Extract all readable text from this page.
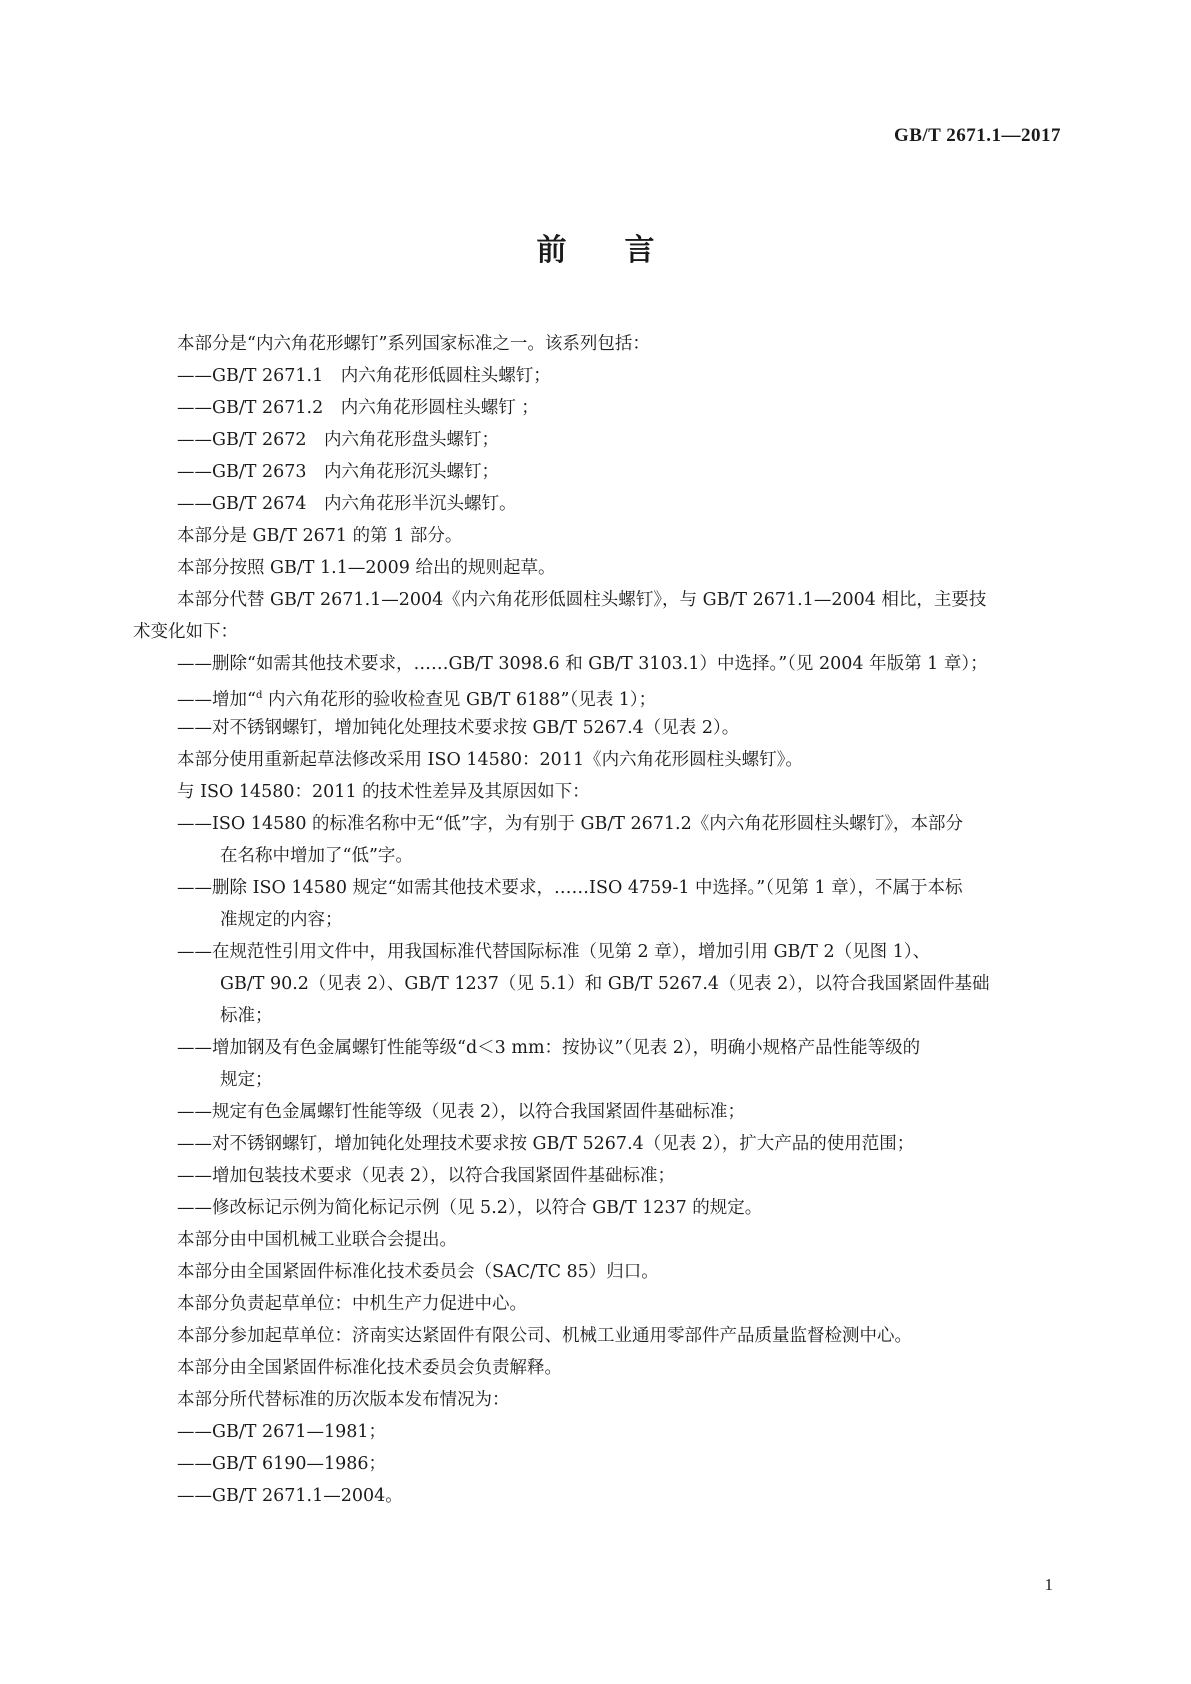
GB/T 2671.1—2017
前言

本部分是“内六角花形螺钉”系列国家标准之一。该系列包括：

——GB/T 2671.1　内六角花形低圆柱头螺钉；

——GB/T 2671.2　内六角花形圆柱头螺钉 ；

——GB/T 2672　内六角花形盘头螺钉；

——GB/T 2673　内六角花形沉头螺钉；

——GB/T 2674　内六角花形半沉头螺钉。

本部分是 GB/T 2671 的第 1 部分。

本部分按照 GB/T 1.1—2009 给出的规则起草。

本部分代替 GB/T 2671.1—2004《内六角花形低圆柱头螺钉》，与 GB/T 2671.1—2004 相比，主要技

术变化如下：

——删除“如需其他技术要求，……GB/T 3098.6 和 GB/T 3103.1）中选择。”（见 2004 年版第 1 章）；

——增加“$^d$ 内六角花形的验收检查见 GB/T 6188”（见表 1）；

——对不锈钢螺钉，增加钝化处理技术要求按 GB/T 5267.4（见表 2）。

本部分使用重新起草法修改采用 ISO 14580：2011《内六角花形圆柱头螺钉》。

与 ISO 14580：2011 的技术性差异及其原因如下：

——ISO 14580 的标准名称中无“低”字，为有别于 GB/T 2671.2《内六角花形圆柱头螺钉》，本部分

在名称中增加了“低”字。

——删除 ISO 14580 规定“如需其他技术要求，……ISO 4759-1 中选择。”（见第 1 章），不属于本标

准规定的内容；

——在规范性引用文件中，用我国标准代替国际标准（见第 2 章），增加引用 GB/T 2（见图 1）、

GB/T 90.2（见表 2）、GB/T 1237（见 5.1）和 GB/T 5267.4（见表 2），以符合我国紧固件基础

标准；

——增加钢及有色金属螺钉性能等级“d＜3 mm：按协议”（见表 2），明确小规格产品性能等级的

规定；

——规定有色金属螺钉性能等级（见表 2），以符合我国紧固件基础标准；

——对不锈钢螺钉，增加钝化处理技术要求按 GB/T 5267.4（见表 2），扩大产品的使用范围；

——增加包装技术要求（见表 2），以符合我国紧固件基础标准；

——修改标记示例为简化标记示例（见 5.2），以符合 GB/T 1237 的规定。

本部分由中国机械工业联合会提出。

本部分由全国紧固件标准化技术委员会（SAC/TC 85）归口。

本部分负责起草单位：中机生产力促进中心。

本部分参加起草单位：济南实达紧固件有限公司、机械工业通用零部件产品质量监督检测中心。

本部分由全国紧固件标准化技术委员会负责解释。

本部分所代替标准的历次版本发布情况为：

——GB/T 2671—1981；

——GB/T 6190—1986；

——GB/T 2671.1—2004。

1
